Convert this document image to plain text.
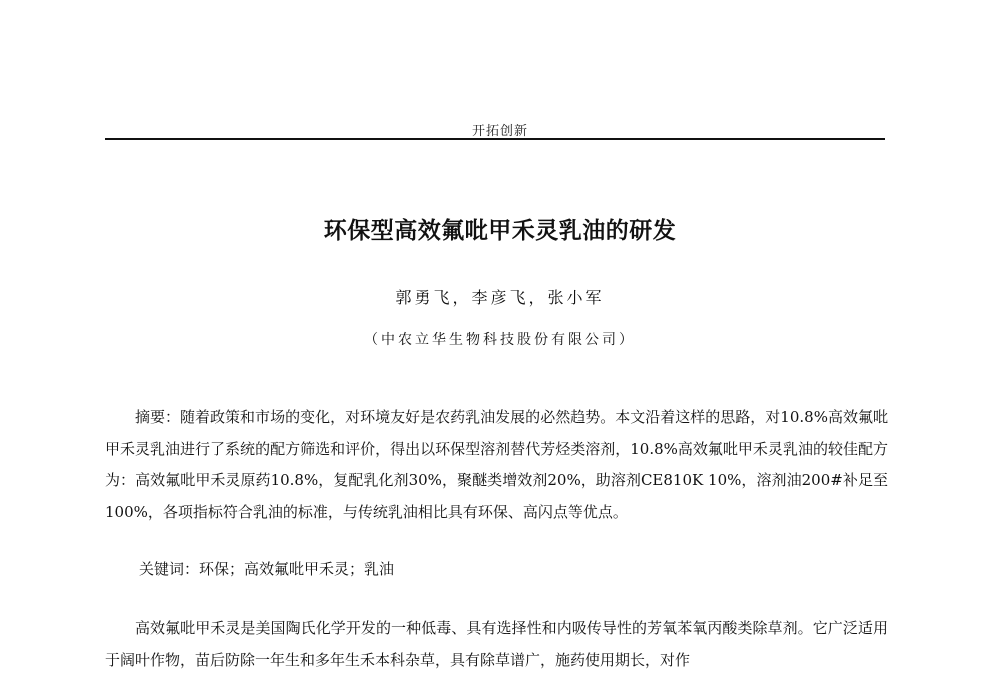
开拓创新
环保型高效氟吡甲禾灵乳油的研发
郭勇飞，李彦飞，张小军
（中农立华生物科技股份有限公司）

摘要：随着政策和市场的变化，对环境友好是农药乳油发展的必然趋势。本文沿着这样的思路，对10.8%高效氟吡甲禾灵乳油进行了系统的配方筛选和评价，得出以环保型溶剂替代芳烃类溶剂，10.8%高效氟吡甲禾灵乳油的较佳配方为：高效氟吡甲禾灵原药10.8%，复配乳化剂30%，聚醚类增效剂20%，助溶剂CE810K 10%，溶剂油200#补足至100%，各项指标符合乳油的标准，与传统乳油相比具有环保、高闪点等优点。

关键词：环保；高效氟吡甲禾灵；乳油

高效氟吡甲禾灵是美国陶氏化学开发的一种低毒、具有选择性和内吸传导性的芳氧苯氧丙酸类除草剂。它广泛适用于阔叶作物，苗后防除一年生和多年生禾本科杂草，具有除草谱广，施药使用期长，对作
